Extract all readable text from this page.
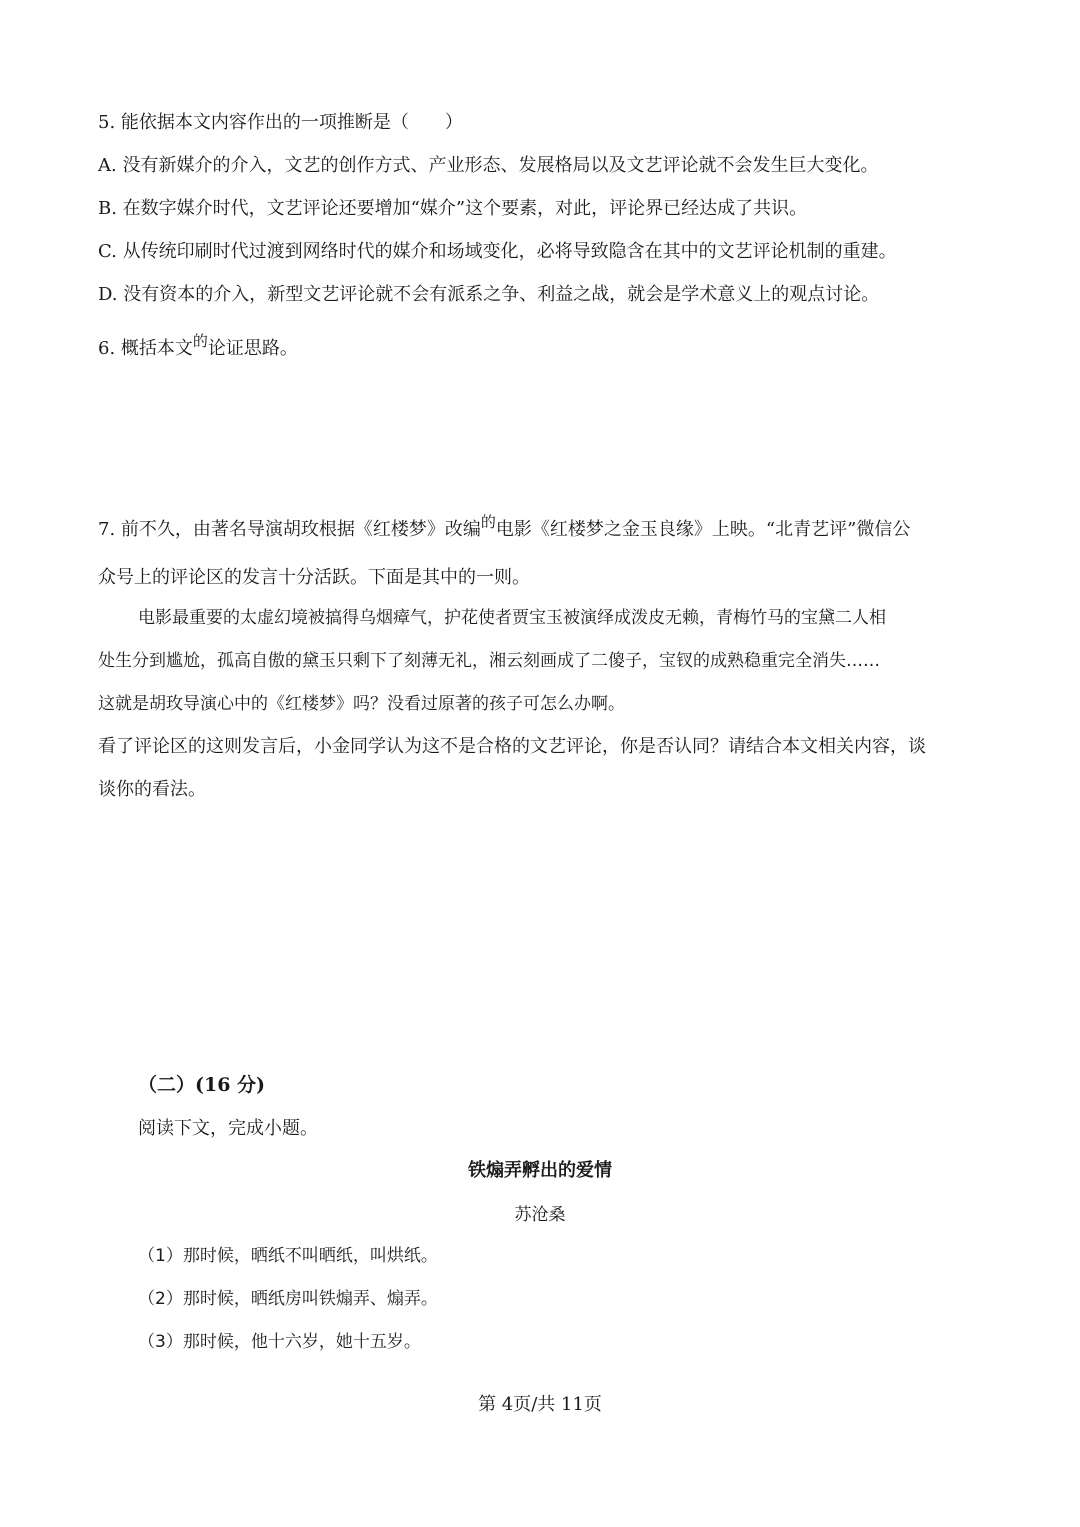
5. 能依据本文内容作出的一项推断是（　　）
A. 没有新媒介的介入，文艺的创作方式、产业形态、发展格局以及文艺评论就不会发生巨大变化。
B. 在数字媒介时代，文艺评论还要增加“媒介”这个要素，对此，评论界已经达成了共识。
C. 从传统印刷时代过渡到网络时代的媒介和场域变化，必将导致隐含在其中的文艺评论机制的重建。
D. 没有资本的介入，新型文艺评论就不会有派系之争、利益之战，就会是学术意义上的观点讨论。
6. 概括本文$^的$论证思路。
7. 前不久，由著名导演胡玫根据《红楼梦》改编$^的$电影《红楼梦之金玉良缘》上映。“北青艺评”微信公
众号上的评论区的发言十分活跃。下面是其中的一则。
电影最重要的太虚幻境被搞得乌烟瘴气，护花使者贾宝玉被演绎成泼皮无赖，青梅竹马的宝黛二人相
处生分到尴尬，孤高自傲的黛玉只剩下了刻薄无礼，湘云刻画成了二傻子，宝钗的成熟稳重完全消失……
这就是胡玫导演心中的《红楼梦》吗？没看过原著的孩子可怎么办啊。
看了评论区的这则发言后，小金同学认为这不是合格的文艺评论，你是否认同？请结合本文相关内容，谈
谈你的看法。
（二）(16 分)
阅读下文，完成小题。
铁煽弄孵出的爱情
苏沧桑
（1）那时候，晒纸不叫晒纸，叫烘纸。
（2）那时候，晒纸房叫铁煽弄、煽弄。
（3）那时候，他十六岁，她十五岁。
第 4页/共 11页
